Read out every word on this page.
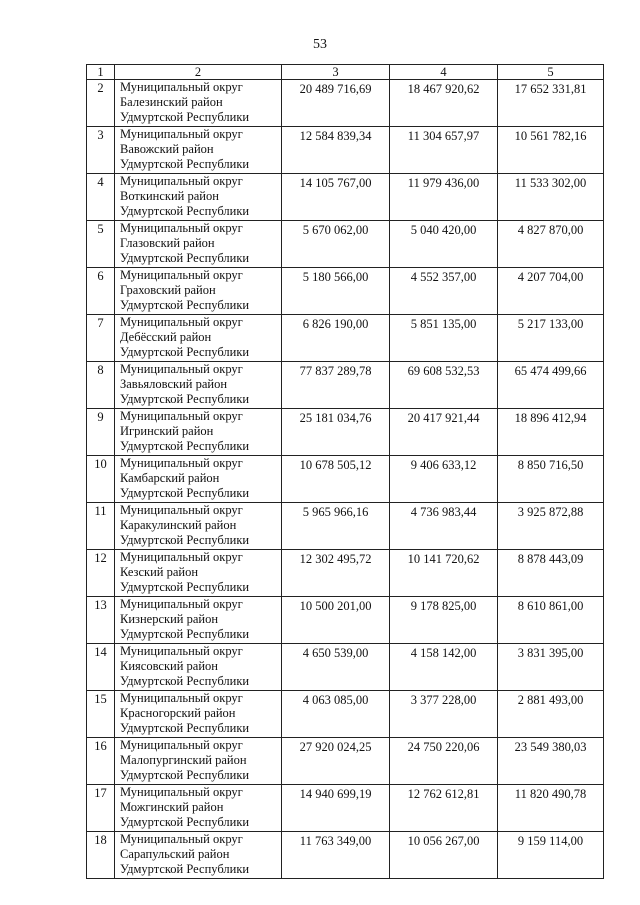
53
1	2	3	4	5
2	Муниципальный округ
Балезинский район
Удмуртской Республики	20 489 716,69	18 467 920,62	17 652 331,81
3	Муниципальный округ
Вавожский район
Удмуртской Республики	12 584 839,34	11 304 657,97	10 561 782,16
4	Муниципальный округ
Воткинский район
Удмуртской Республики	14 105 767,00	11 979 436,00	11 533 302,00
5	Муниципальный округ
Глазовский район
Удмуртской Республики	5 670 062,00	5 040 420,00	4 827 870,00
6	Муниципальный округ
Граховский район
Удмуртской Республики	5 180 566,00	4 552 357,00	4 207 704,00
7	Муниципальный округ
Дебёсский район
Удмуртской Республики	6 826 190,00	5 851 135,00	5 217 133,00
8	Муниципальный округ
Завьяловский район
Удмуртской Республики	77 837 289,78	69 608 532,53	65 474 499,66
9	Муниципальный округ
Игринский район
Удмуртской Республики	25 181 034,76	20 417 921,44	18 896 412,94
10	Муниципальный округ
Камбарский район
Удмуртской Республики	10 678 505,12	9 406 633,12	8 850 716,50
11	Муниципальный округ
Каракулинский район
Удмуртской Республики	5 965 966,16	4 736 983,44	3 925 872,88
12	Муниципальный округ
Кезский район
Удмуртской Республики	12 302 495,72	10 141 720,62	8 878 443,09
13	Муниципальный округ
Кизнерский район
Удмуртской Республики	10 500 201,00	9 178 825,00	8 610 861,00
14	Муниципальный округ
Киясовский район
Удмуртской Республики	4 650 539,00	4 158 142,00	3 831 395,00
15	Муниципальный округ
Красногорский район
Удмуртской Республики	4 063 085,00	3 377 228,00	2 881 493,00
16	Муниципальный округ
Малопургинский район
Удмуртской Республики	27 920 024,25	24 750 220,06	23 549 380,03
17	Муниципальный округ
Можгинский район
Удмуртской Республики	14 940 699,19	12 762 612,81	11 820 490,78
18	Муниципальный округ
Сарапульский район
Удмуртской Республики	11 763 349,00	10 056 267,00	9 159 114,00
